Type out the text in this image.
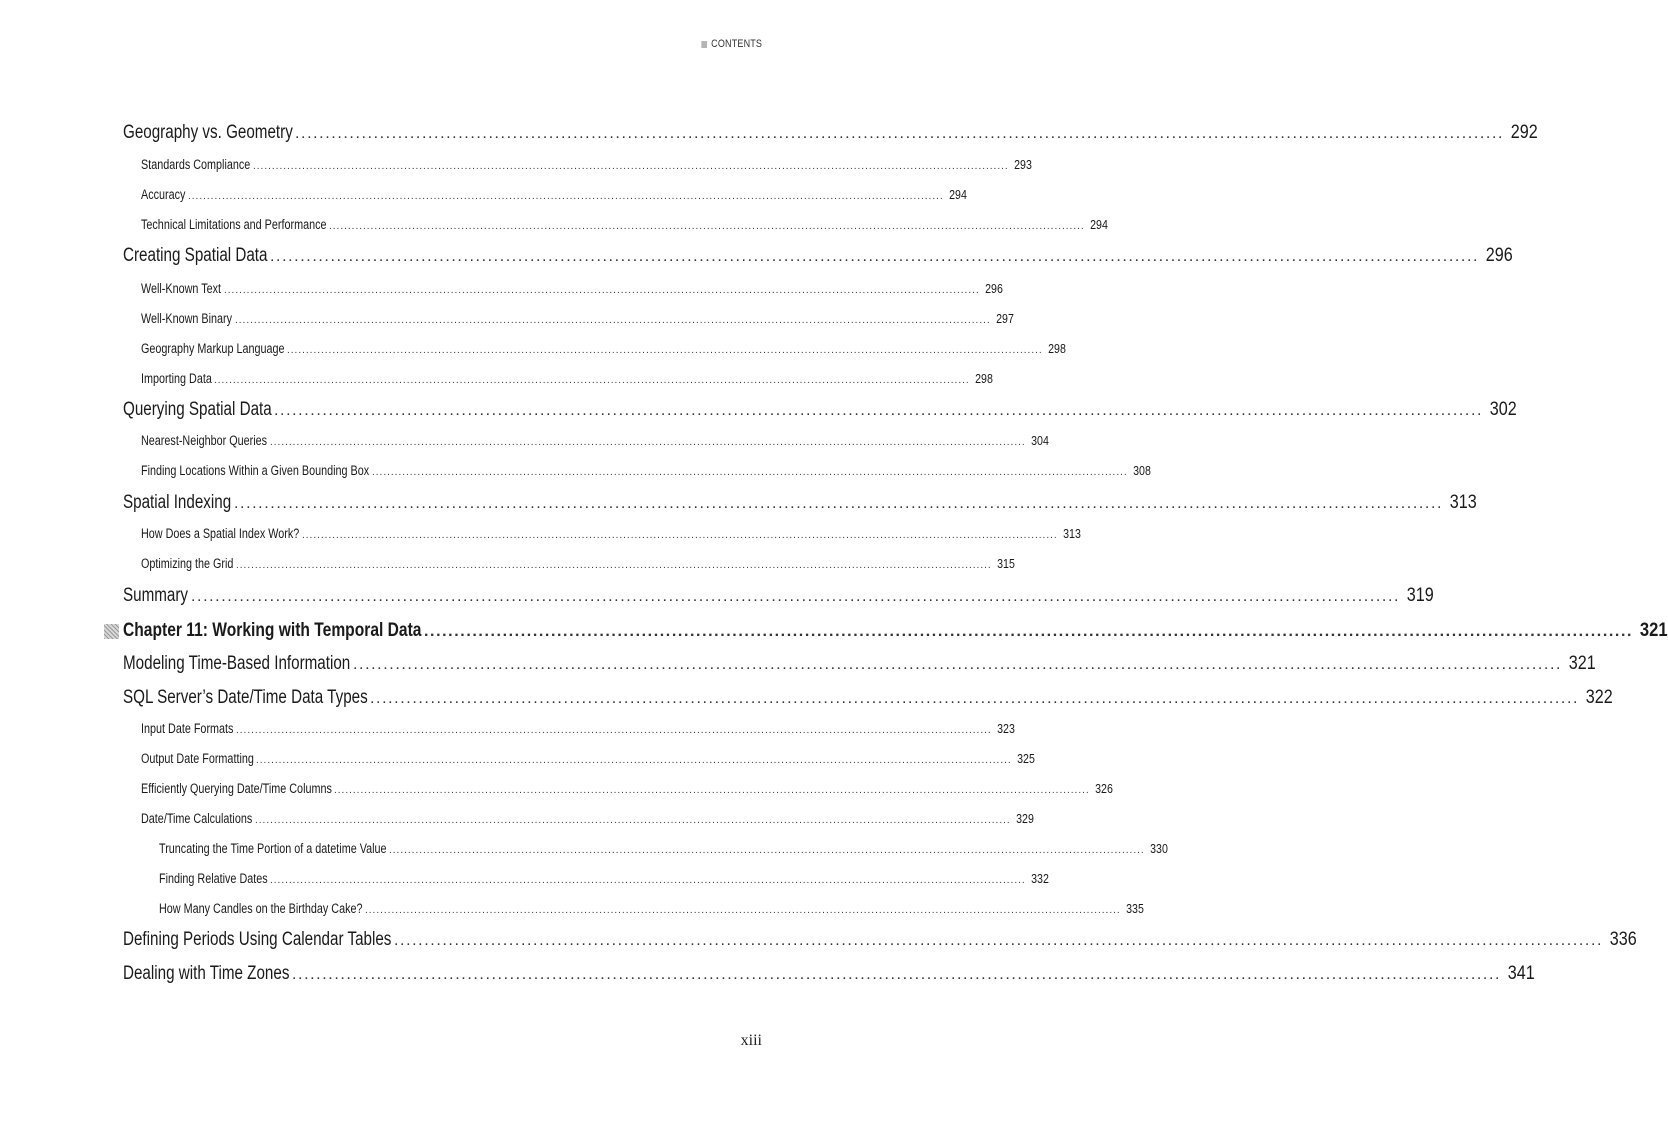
CONTENTS
Geography vs. Geometry ........................................................................................................................................................................................................ 292
Standards Compliance ........................................................................................................................................................................................................ 293
Accuracy ........................................................................................................................................................................................................ 294
Technical Limitations and Performance ........................................................................................................................................................................................................ 294
Creating Spatial Data ........................................................................................................................................................................................................ 296
Well-Known Text ........................................................................................................................................................................................................ 296
Well-Known Binary ........................................................................................................................................................................................................ 297
Geography Markup Language ........................................................................................................................................................................................................ 298
Importing Data ........................................................................................................................................................................................................ 298
Querying Spatial Data ........................................................................................................................................................................................................ 302
Nearest-Neighbor Queries ........................................................................................................................................................................................................ 304
Finding Locations Within a Given Bounding Box ........................................................................................................................................................................................................ 308
Spatial Indexing ........................................................................................................................................................................................................ 313
How Does a Spatial Index Work? ........................................................................................................................................................................................................ 313
Optimizing the Grid ........................................................................................................................................................................................................ 315
Summary ........................................................................................................................................................................................................ 319
Chapter 11: Working with Temporal Data ........................................................................................................................................................................................................ 321
Modeling Time-Based Information ........................................................................................................................................................................................................ 321
SQL Server’s Date/Time Data Types ........................................................................................................................................................................................................ 322
Input Date Formats ........................................................................................................................................................................................................ 323
Output Date Formatting ........................................................................................................................................................................................................ 325
Efficiently Querying Date/Time Columns ........................................................................................................................................................................................................ 326
Date/Time Calculations ........................................................................................................................................................................................................ 329
Truncating the Time Portion of a datetime Value ........................................................................................................................................................................................................ 330
Finding Relative Dates ........................................................................................................................................................................................................ 332
How Many Candles on the Birthday Cake? ........................................................................................................................................................................................................ 335
Defining Periods Using Calendar Tables ........................................................................................................................................................................................................ 336
Dealing with Time Zones ........................................................................................................................................................................................................ 341
xiii
